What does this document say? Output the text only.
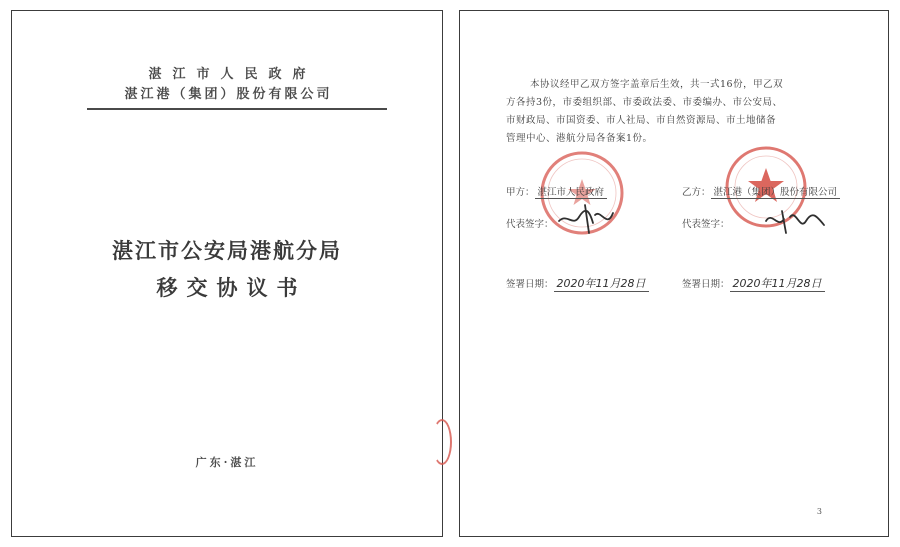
湛江市人民政府
湛江港（集团）股份有限公司
湛江市公安局港航分局
移交协议书
广东·湛江
本协议经甲乙双方签字盖章后生效，共一式16份，甲乙双
方各持3份，市委组织部、市委政法委、市委编办、市公安局、
市财政局、市国资委、市人社局、市自然资源局、市土地储备
管理中心、港航分局各备案1份。
甲方： 湛江市人民政府	乙方： 湛江港（集团）股份有限公司
代表签字：	代表签字：
签署日期： 2020年11月28日	签署日期： 2020年11月28日
3
